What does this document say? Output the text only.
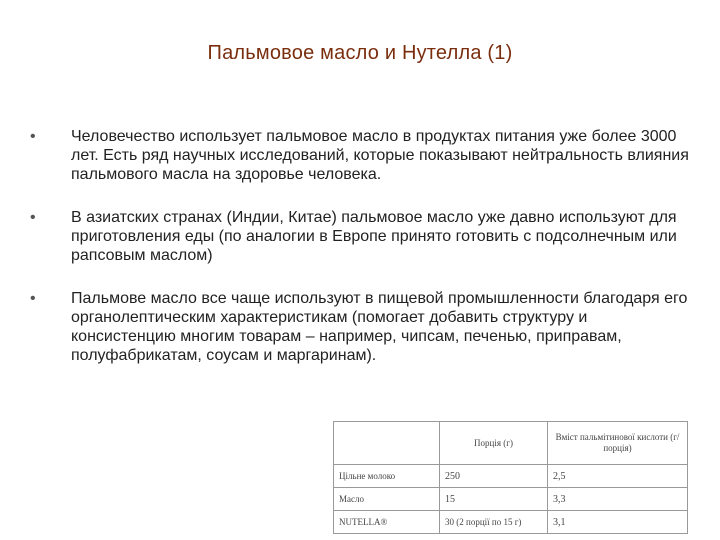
Пальмовое масло и Нутелла (1)
•	Человечество использует пальмовое масло в продуктах питания уже более 3000 лет. Есть ряд научных исследований, которые показывают нейтральность влияния пальмового масла на здоровье человека.
•	В азиатских странах (Индии, Китае) пальмовое масло уже давно используют для приготовления еды (по аналогии в Европе принято готовить с подсолнечным или рапсовым маслом)
•	Пальмове масло все чаще используют в пищевой промышленности благодаря его органолептическим характеристикам (помогает добавить структуру и консистенцию многим товарам – например, чипсам, печенью, приправам, полуфабрикатам, соусам и маргаринам).
	Порція (г)	Вміст пальмітинової кислоти (г/порція)
Цільне молоко	250	2,5
Масло	15	3,3
NUTELLA®	30 (2 порції по 15 г)	3,1
